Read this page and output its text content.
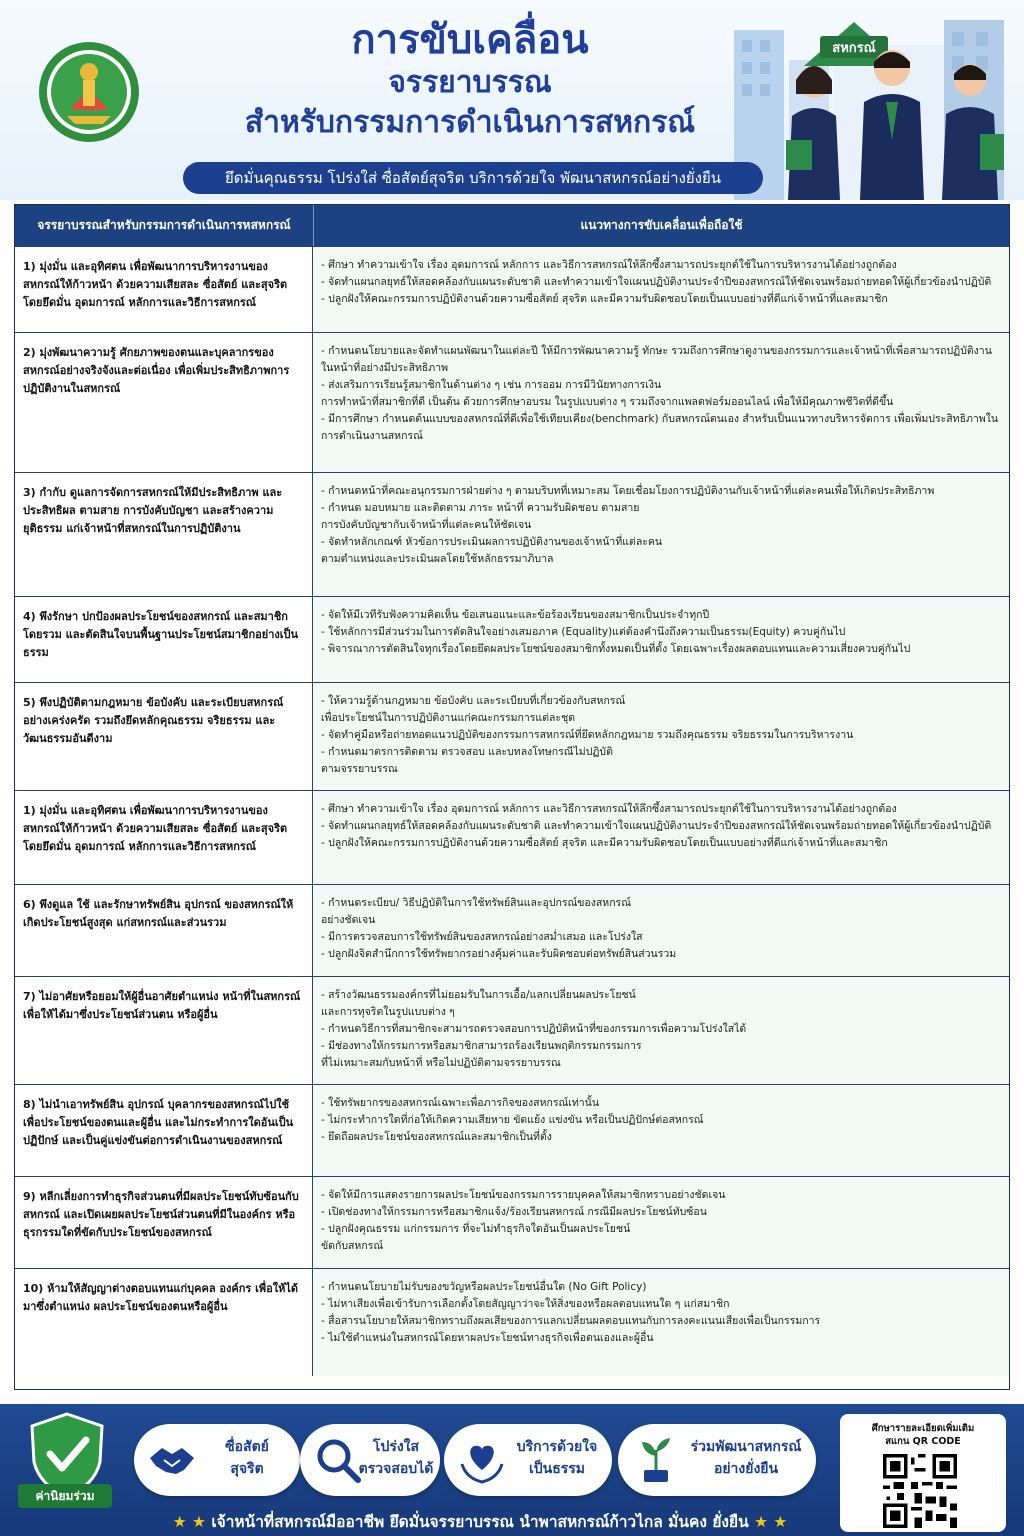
สหกรณ์
การขับเคลื่อน
จรรยาบรรณ
สำหรับกรรมการดำเนินการสหกรณ์
ยึดมั่นคุณธรรม โปร่งใส่ ซื่อสัตย์สุจริต บริการด้วยใจ พัฒนาสหกรณ์อย่างยั่งยืน
จรรยาบรรณสำหรับกรรมการดำเนินการหสหกรณ์	แนวทางการขับเคลื่อนเพื่อถือใช้
1) มุ่งมั่น และอุทิศตน เพื่อพัฒนาการบริหารงานของสหกรณ์ให้ก้าวหน้า ด้วยความเสียสละ ซื่อสัตย์ และสุจริต โดยยึดมั่น อุดมการณ์ หลักการและวิธีการสหกรณ์
- ศึกษา ทำความเข้าใจ เรื่อง อุดมการณ์ หลักการ และวิธีการสหกรณ์ให้ลึกซึ้งสามารถประยุกต์ใช้ในการบริหารงานได้อย่างถูกต้อง
- จัดทำแผนกลยุทธ์ให้สอดคล้องกับแผนระดับชาติ และทำความเข้าใจแผนปฏิบัติงานประจำปีของสหกรณ์ให้ชัดเจนพร้อมถ่ายทอดให้ผู้เกี่ยวข้องนำปฏิบัติ
- ปลูกฝังให้คณะกรรมการปฏิบัติงานด้วยความซื่อสัตย์ สุจริต และมีความรับผิดชอบโดยเป็นแบบอย่างที่ดีแก่เจ้าหน้าที่และสมาชิก
2) มุ่งพัฒนาความรู้ ศักยภาพของตนและบุคลากรของสหกรณ์อย่างจริงจังและต่อเนื่อง เพื่อเพิ่มประสิทธิภาพการปฏิบัติงานในสหกรณ์
- กำหนดนโยบายและจัดทำแผนพัฒนาในแต่ละปี ให้มีการพัฒนาความรู้ ทักษะ รวมถึงการศึกษาดูงานของกรรมการและเจ้าหน้าที่เพื่อสามารถปฏิบัติงานในหน้าที่อย่างมีประสิทธิภาพ
- ส่งเสริมการเรียนรู้สมาชิกในด้านต่าง ๆ เช่น การออม การมีวินัยทางการเงิน
การทำหน้าที่สมาชิกที่ดี เป็นต้น ด้วยการศึกษาอบรม ในรูปแบบต่าง ๆ รวมถึงจากแพลตฟอร์มออนไลน์ เพื่อให้มีคุณภาพชีวิตที่ดีขึ้น
- มีการศึกษา กำหนดต้นแบบของสหกรณ์ที่ดีเพื่อใช้เทียบเคียง(benchmark) กับสหกรณ์ตนเอง สำหรับเป็นแนวทางบริหารจัดการ เพื่อเพิ่มประสิทธิภาพในการดำเนินงานสหกรณ์
3) กำกับ ดูแลการจัดการสหกรณ์ให้มีประสิทธิภาพ และประสิทธิผล ตามสาย การบังคับบัญชา และสร้างความยุติธรรม แก่เจ้าหน้าที่สหกรณ์ในการปฏิบัติงาน
- กำหนดหน้าที่คณะอนุกรรมการฝ่ายต่าง ๆ ตามบริบทที่เหมาะสม โดยเชื่อมโยงการปฏิบัติงานกับเจ้าหน้าที่แต่ละคนเพื่อให้เกิดประสิทธิภาพ
- กำหนด มอบหมาย และติดตาม ภาระ หน้าที่ ความรับผิดชอบ ตามสาย
การบังคับบัญชากับเจ้าหน้าที่แต่ละคนให้ชัดเจน
- จัดทำหลักเกณฑ์ หัวข้อการประเมินผลการปฏิบัติงานของเจ้าหน้าที่แต่ละคน
ตามตำแหน่งและประเมินผลโดยใช้หลักธรรมาภิบาล
4) พึงรักษา ปกป้องผลประโยชน์ของสหกรณ์ และสมาชิกโดยรวม และตัดสินใจบนพื้นฐานประโยชน์สมาชิกอย่างเป็นธรรม
- จัดให้มีเวทีรับฟังความคิดเห็น ข้อเสนอแนะและข้อร้องเรียนของสมาชิกเป็นประจำทุกปี
- ใช้หลักการมีส่วนร่วมในการตัดสินใจอย่างเสมอภาค (Equality)แต่ต้องคำนึงถึงความเป็นธรรม(Equity) ควบคู่กันไป
- พิจารณาการตัดสินใจทุกเรื่องโดยยึดผลประโยชน์ของสมาชิกทั้งหมดเป็นที่ตั้ง โดยเฉพาะเรื่องผลตอบแทนและความเสี่ยงควบคู่กันไป
5) พึงปฏิบัติตามกฎหมาย ข้อบังคับ และระเบียบสหกรณ์อย่างเคร่งครัด รวมถึงยึดหลักคุณธรรม จริยธรรม และวัฒนธรรมอันดีงาม
- ให้ความรู้ด้านกฎหมาย ข้อบังคับ และระเบียบที่เกี่ยวข้องกับสหกรณ์
เพื่อประโยชน์ในการปฏิบัติงานแก่คณะกรรมการแต่ละชุด
- จัดทำคู่มือหรือถ่ายทอดแนวปฏิบัติของกรรมการสหกรณ์ที่ยึดหลักกฎหมาย รวมถึงคุณธรรม จริยธรรมในการบริหารงาน
- กำหนดมาตรการติดตาม ตรวจสอบ และบทลงโทษกรณีไม่ปฏิบัติ
ตามจรรยาบรรณ
1) มุ่งมั่น และอุทิศตน เพื่อพัฒนาการบริหารงานของสหกรณ์ให้ก้าวหน้า ด้วยความเสียสละ ซื่อสัตย์ และสุจริต โดยยึดมั่น อุดมการณ์ หลักการและวิธีการสหกรณ์
- ศึกษา ทำความเข้าใจ เรื่อง อุดมการณ์ หลักการ และวิธีการสหกรณ์ให้ลึกซึ้งสามารถประยุกต์ใช้ในการบริหารงานได้อย่างถูกต้อง
- จัดทำแผนกลยุทธ์ให้สอดคล้องกับแผนระดับชาติ และทำความเข้าใจแผนปฏิบัติงานประจำปีของสหกรณ์ให้ชัดเจนพร้อมถ่ายทอดให้ผู้เกี่ยวข้องนำปฏิบัติ
- ปลูกฝังให้คณะกรรมการปฏิบัติงานด้วยความซื่อสัตย์ สุจริต และมีความรับผิดชอบโดยเป็นแบบอย่างที่ดีแก่เจ้าหน้าที่และสมาชิก
6) พึงดูแล ใช้ และรักษาทรัพย์สิน อุปกรณ์ ของสหกรณ์ให้เกิดประโยชน์สูงสุด แก่สหกรณ์และส่วนรวม
- กำหนดระเบียบ/ วิธีปฏิบัติในการใช้ทรัพย์สินและอุปกรณ์ของสหกรณ์
อย่างชัดเจน
- มีการตรวจสอบการใช้ทรัพย์สินของสหกรณ์อย่างสม่ำเสมอ และโปร่งใส
- ปลูกฝังจิตสำนึกการใช้ทรัพยากรอย่างคุ้มค่าและรับผิดชอบต่อทรัพย์สินส่วนรวม
7) ไม่อาศัยหรือยอมให้ผู้อื่นอาศัยตำแหน่ง หน้าที่ในสหกรณ์เพื่อให้ได้มาซึ่งประโยชน์ส่วนตน หรือผู้อื่น
- สร้างวัฒนธรรมองค์กรที่ไม่ยอมรับในการเอื้อ/แลกเปลี่ยนผลประโยชน์
และการทุจริตในรูปแบบต่าง ๆ
- กำหนดวิธีการที่สมาชิกจะสามารถตรวจสอบการปฏิบัติหน้าที่ของกรรมการเพื่อความโปร่งใสได้
- มีช่องทางให้กรรมการหรือสมาชิกสามารถร้องเรียนพฤติกรรมกรรมการ
ที่ไม่เหมาะสมกับหน้าที่ หรือไม่ปฏิบัติตามจรรยาบรรณ
8) ไม่นำเอาทรัพย์สิน อุปกรณ์ บุคลากรของสหกรณ์ไปใช้เพื่อประโยชน์ของตนและผู้อื่น และไม่กระทำการใดอันเป็นปฏิปักษ์ และเป็นคู่แข่งขันต่อการดำเนินงานของสหกรณ์
- ใช้ทรัพยากรของสหกรณ์เฉพาะเพื่อภารกิจของสหกรณ์เท่านั้น
- ไม่กระทำการใดที่ก่อให้เกิดความเสียหาย ขัดแย้ง แข่งขัน หรือเป็นปฏิปักษ์ต่อสหกรณ์
- ยึดถือผลประโยชน์ของสหกรณ์และสมาชิกเป็นที่ตั้ง
9) หลีกเลี่ยงการทำธุรกิจส่วนตนที่มีผลประโยชน์ทับซ้อนกับสหกรณ์ และเปิดเผยผลประโยชน์ส่วนตนที่มีในองค์กร หรือธุรกรรมใดที่ขัดกับประโยชน์ของสหกรณ์
- จัดให้มีการแสดงรายการผลประโยชน์ของกรรมการรายบุคคลให้สมาชิกทราบอย่างชัดเจน
- เปิดช่องทางให้กรรมการหรือสมาชิกแจ้ง/ร้องเรียนสหกรณ์ กรณีมีผลประโยชน์ทับซ้อน
- ปลูกฝังคุณธรรม แก่กรรมการ ที่จะไม่ทำธุรกิจใดอันเป็นผลประโยชน์
ขัดกับสหกรณ์
10) ห้ามให้สัญญาต่างตอบแทนแก่บุคคล องค์กร เพื่อให้ได้มาซึ่งตำแหน่ง ผลประโยชน์ของตนหรือผู้อื่น
- กำหนดนโยบายไม่รับของขวัญหรือผลประโยชน์อื่นใด (No Gift Policy)
- ไม่หาเสียงเพื่อเข้ารับการเลือกตั้งโดยสัญญาว่าจะให้สิ่งของหรือผลตอบแทนใด ๆ แก่สมาชิก
- สื่อสารนโยบายให้สมาชิกทราบถึงผลเสียของการแลกเปลี่ยนผลตอบแทนกับการลงคะแนนเสียงเพื่อเป็นกรรมการ
- ไม่ใช้ตำแหน่งในสหกรณ์โดยหาผลประโยชน์ทางธุรกิจเพื่อตนเองและผู้อื่น
ค่านิยมร่วม
ซื่อสัตย์
สุจริต
โปร่งใส
ตรวจสอบได้
บริการด้วยใจ
เป็นธรรม
ร่วมพัฒนาสหกรณ์
อย่างยั่งยืน
ศึกษารายละเอียดเพิ่มเติม
สแกน QR CODE
★ ★ เจ้าหน้าที่สหกรณ์มืออาชีพ ยึดมั่นจรรยาบรรณ นำพาสหกรณ์ก้าวไกล มั่นคง ยั่งยืน ★ ★
